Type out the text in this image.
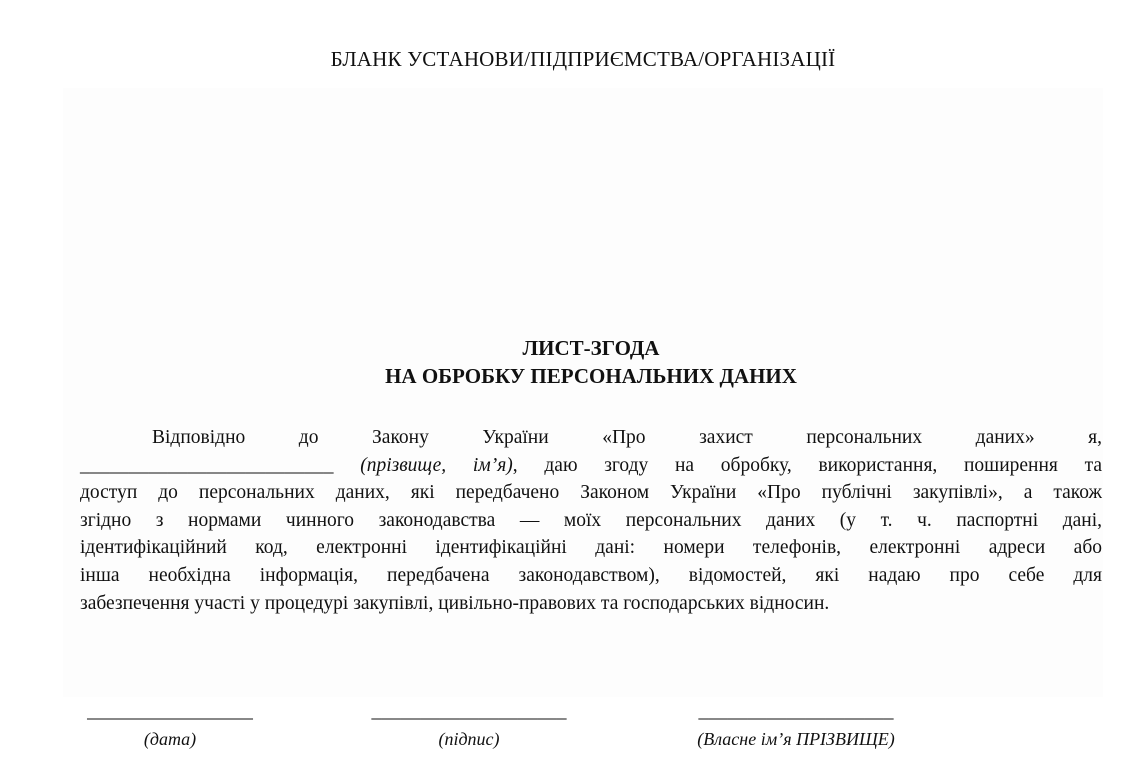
БЛАНК УСТАНОВИ/ПІДПРИЄМСТВА/ОРГАНІЗАЦІЇ
ЛИСТ-ЗГОДА
НА ОБРОБКУ ПЕРСОНАЛЬНИХ ДАНИХ
Відповідно до Закону України «Про захист персональних даних» я,
__________________________ (прізвище, ім’я), даю згоду на обробку, використання, поширення та
доступ до персональних даних, які передбачено Законом України «Про публічні закупівлі», а також
згідно з нормами чинного законодавства — моїх персональних даних (у т. ч. паспортні дані,
ідентифікаційний код, електронні ідентифікаційні дані: номери телефонів, електронні адреси або
інша необхідна інформація, передбачена законодавством), відомостей, які надаю про себе для
забезпечення участі у процедурі закупівлі, цивільно-правових та господарських відносин.
_________________
(дата)
____________________
(підпис)
____________________
(Власне ім’я ПРІЗВИЩЕ)
